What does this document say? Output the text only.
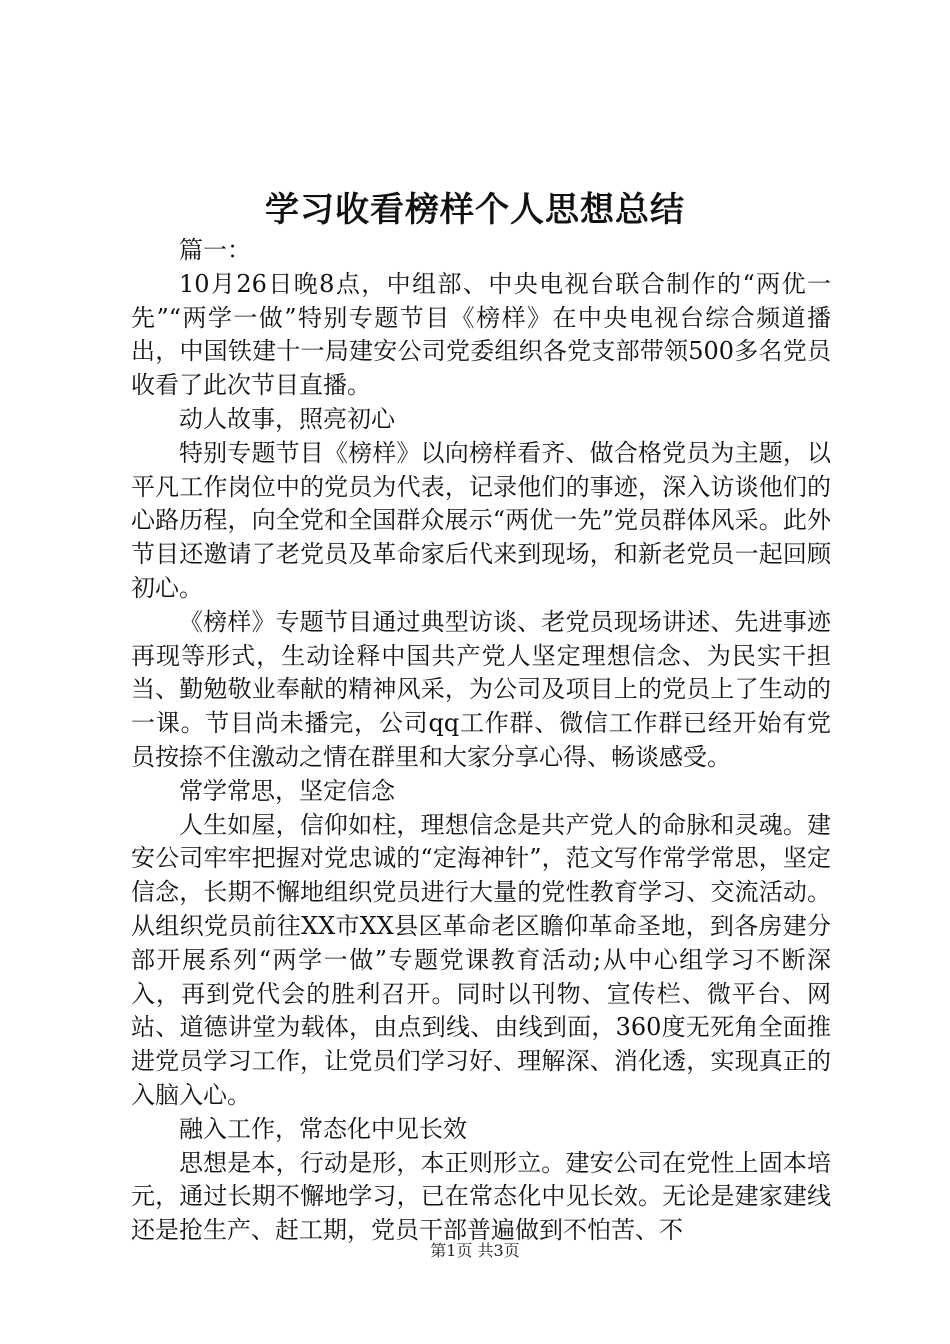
学习收看榜样个人思想总结

篇一：

10月26日晚8点，中组部、中央电视台联合制作的“两优一先”“两学一做”特别专题节目《榜样》在中央电视台综合频道播出，中国铁建十一局建安公司党委组织各党支部带领500多名党员收看了此次节目直播。

动人故事，照亮初心

特别专题节目《榜样》以向榜样看齐、做合格党员为主题，以平凡工作岗位中的党员为代表，记录他们的事迹，深入访谈他们的心路历程，向全党和全国群众展示“两优一先”党员群体风采。此外节目还邀请了老党员及革命家后代来到现场，和新老党员一起回顾初心。

《榜样》专题节目通过典型访谈、老党员现场讲述、先进事迹再现等形式，生动诠释中国共产党人坚定理想信念、为民实干担当、勤勉敬业奉献的精神风采，为公司及项目上的党员上了生动的一课。节目尚未播完，公司qq工作群、微信工作群已经开始有党员按捺不住激动之情在群里和大家分享心得、畅谈感受。

常学常思，坚定信念

人生如屋，信仰如柱，理想信念是共产党人的命脉和灵魂。建安公司牢牢把握对党忠诚的“定海神针”，范文写作常学常思，坚定信念，长期不懈地组织党员进行大量的党性教育学习、交流活动。从组织党员前往XX市XX县区革命老区瞻仰革命圣地，到各房建分部开展系列“两学一做”专题党课教育活动;从中心组学习不断深入，再到党代会的胜利召开。同时以刊物、宣传栏、微平台、网站、道德讲堂为载体，由点到线、由线到面，360度无死角全面推进党员学习工作，让党员们学习好、理解深、消化透，实现真正的入脑入心。

融入工作，常态化中见长效

思想是本，行动是形，本正则形立。建安公司在党性上固本培元，通过长期不懈地学习，已在常态化中见长效。无论是建家建线还是抢生产、赶工期，党员干部普遍做到不怕苦、不

第1页 共3页
